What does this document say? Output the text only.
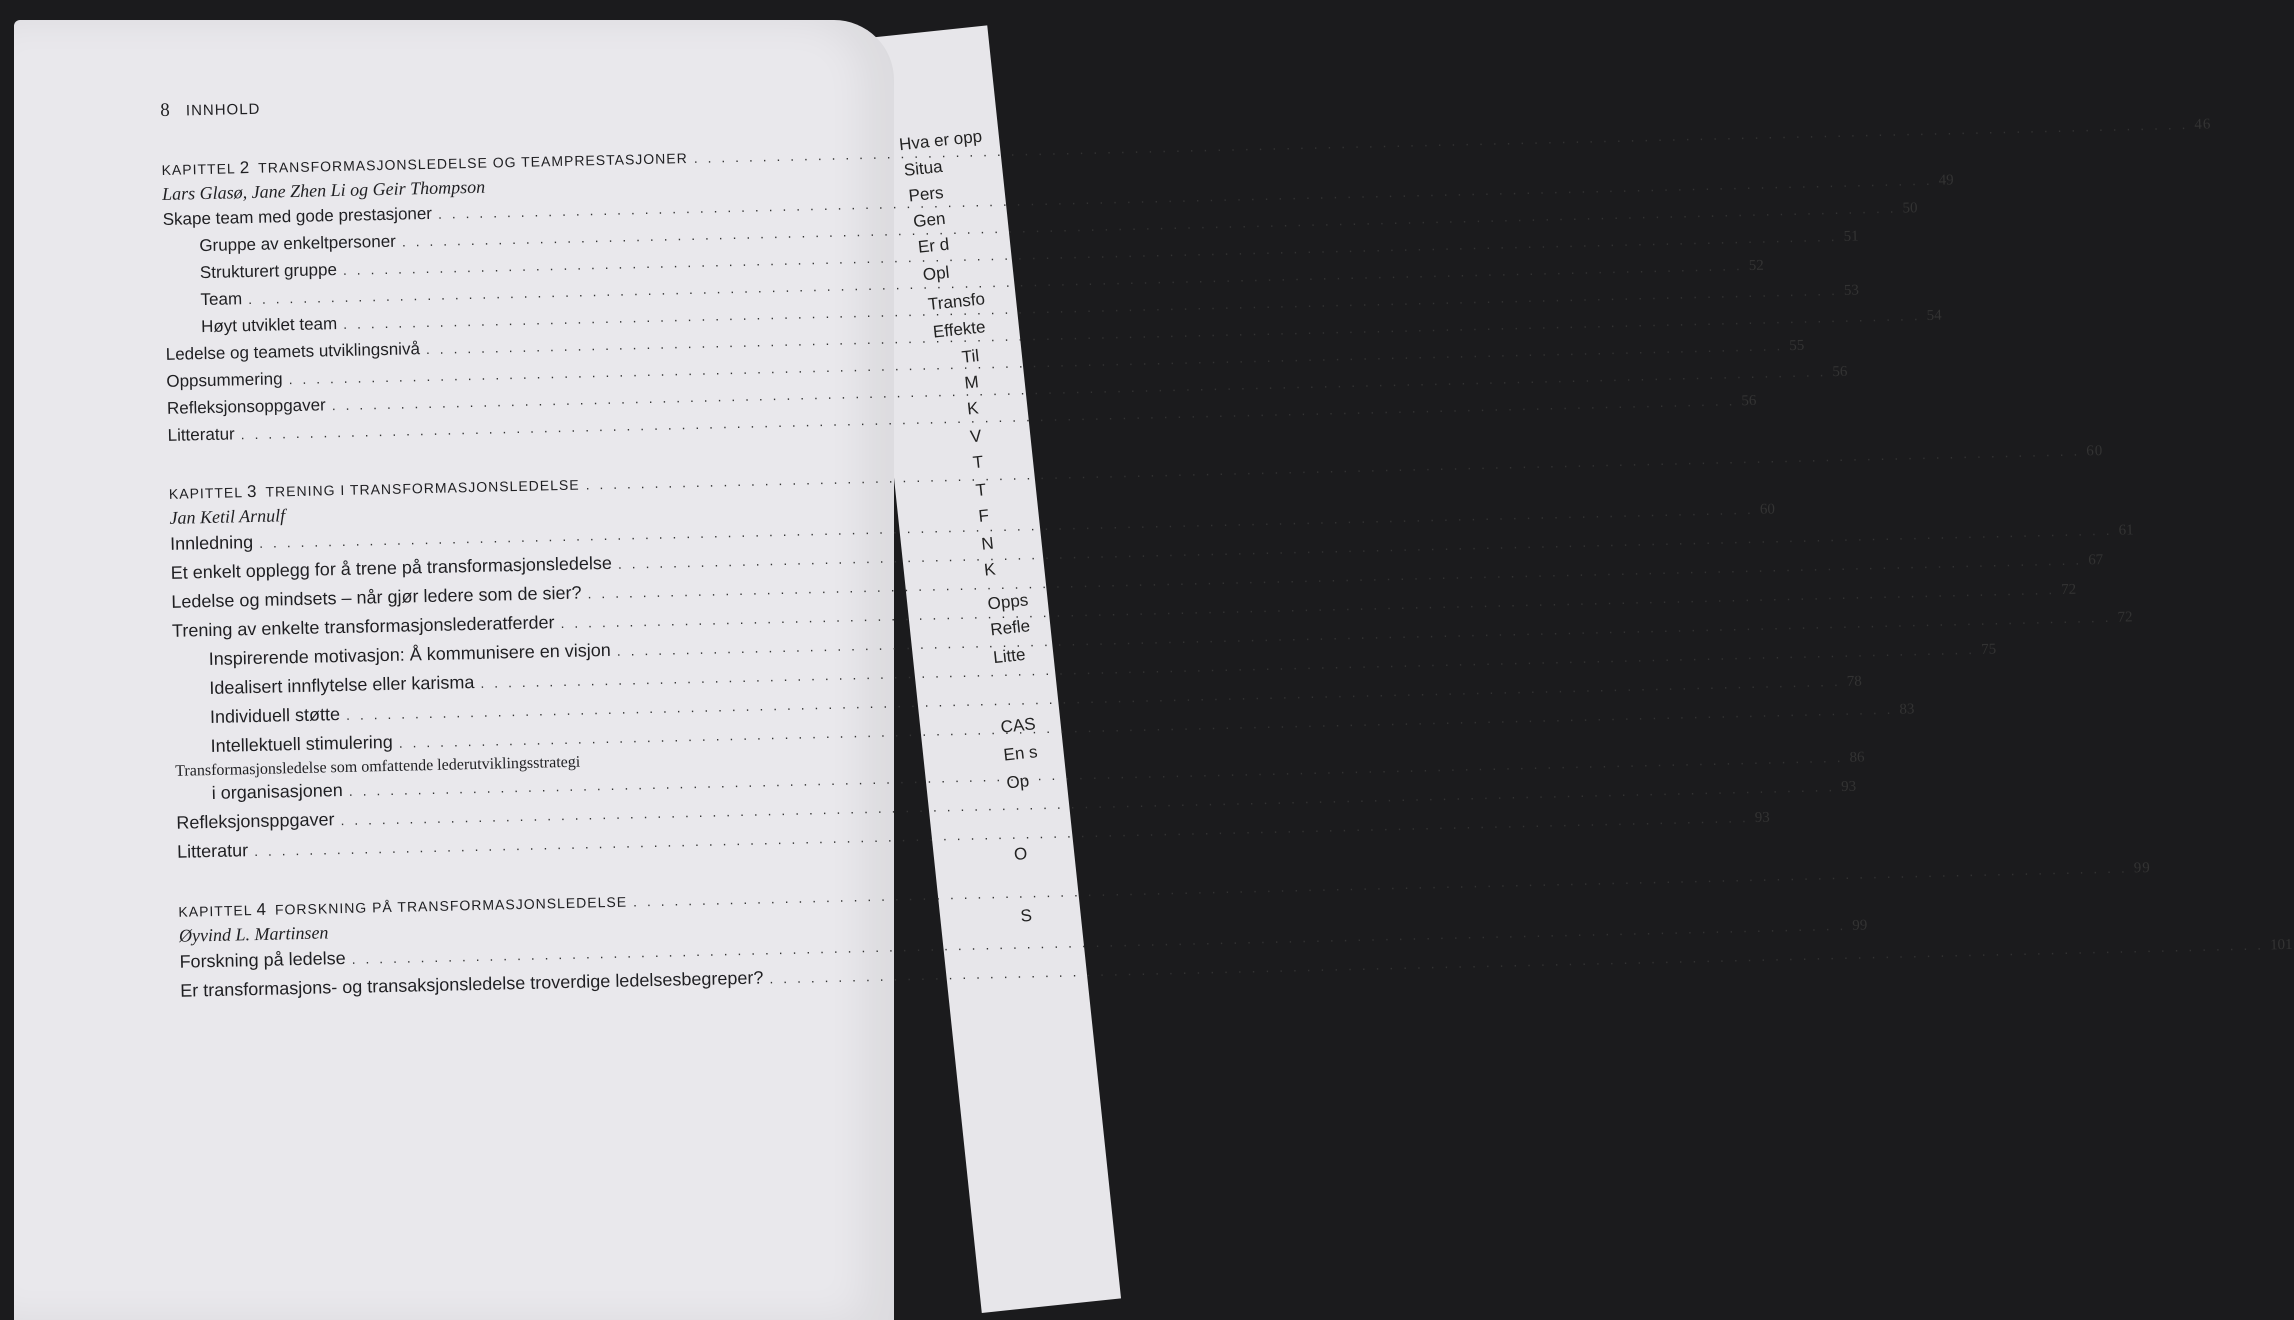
Hva er opp
Situa
Pers
Gen
Er d
Opl
Transfo
Effekte
Til
M
K
V
T
T
F
N
K
Opps
Refle
Litte
CAS
En s
Op
O
S
8 INNHOLD
KAPITTEL 2 TRANSFORMASJONSLEDELSE OG TEAMPRESTASJONER
. . .
46
Lars Glasø, Jane Zhen Li og Geir Thompson
Skape team med gode prestasjoner
. . .
49
Gruppe av enkeltpersoner
. . .
50
Strukturert gruppe
. . .
51
Team
. . .
52
Høyt utviklet team
. . .
53
Ledelse og teamets utviklingsnivå
. . .
54
Oppsummering
. . .
55
Refleksjonsoppgaver
. . .
56
Litteratur
. . .
56
KAPITTEL 3 TRENING I TRANSFORMASJONSLEDELSE
. . .
60
Jan Ketil Arnulf
Innledning
. . .
60
Et enkelt opplegg for å trene på transformasjonsledelse
. . .
61
Ledelse og mindsets – når gjør ledere som de sier?
. . .
67
Trening av enkelte transformasjonslederatferder
. . .
72
Inspirerende motivasjon: Å kommunisere en visjon
. . .
72
Idealisert innflytelse eller karisma
. . .
75
Individuell støtte
. . .
78
Intellektuell stimulering
. . .
83
Transformasjonsledelse som omfattende lederutviklingsstrategi
i organisasjonen
. . .
86
Refleksjonsppgaver
. . .
93
Litteratur
. . .
93
KAPITTEL 4 FORSKNING PÅ TRANSFORMASJONSLEDELSE
. . .
99
Øyvind L. Martinsen
Forskning på ledelse
. . .
99
Er transformasjons- og transaksjonsledelse troverdige ledelsesbegreper?
. . .
101
